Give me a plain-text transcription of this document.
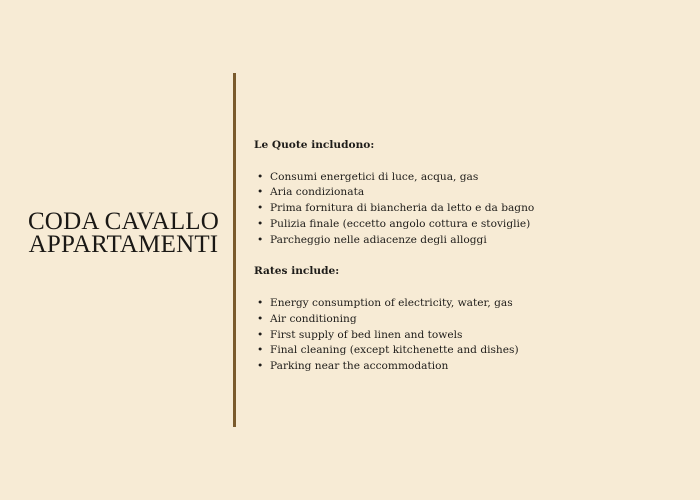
CODA CAVALLO
APPARTAMENTI
Le Quote includono:
• Consumi energetici di luce, acqua, gas
• Aria condizionata
• Prima fornitura di biancheria da letto e da bagno
• Pulizia finale (eccetto angolo cottura e stoviglie)
• Parcheggio nelle adiacenze degli alloggi
Rates include:
• Energy consumption of electricity, water, gas
• Air conditioning
• First supply of bed linen and towels
• Final cleaning (except kitchenette and dishes)
• Parking near the accommodation
